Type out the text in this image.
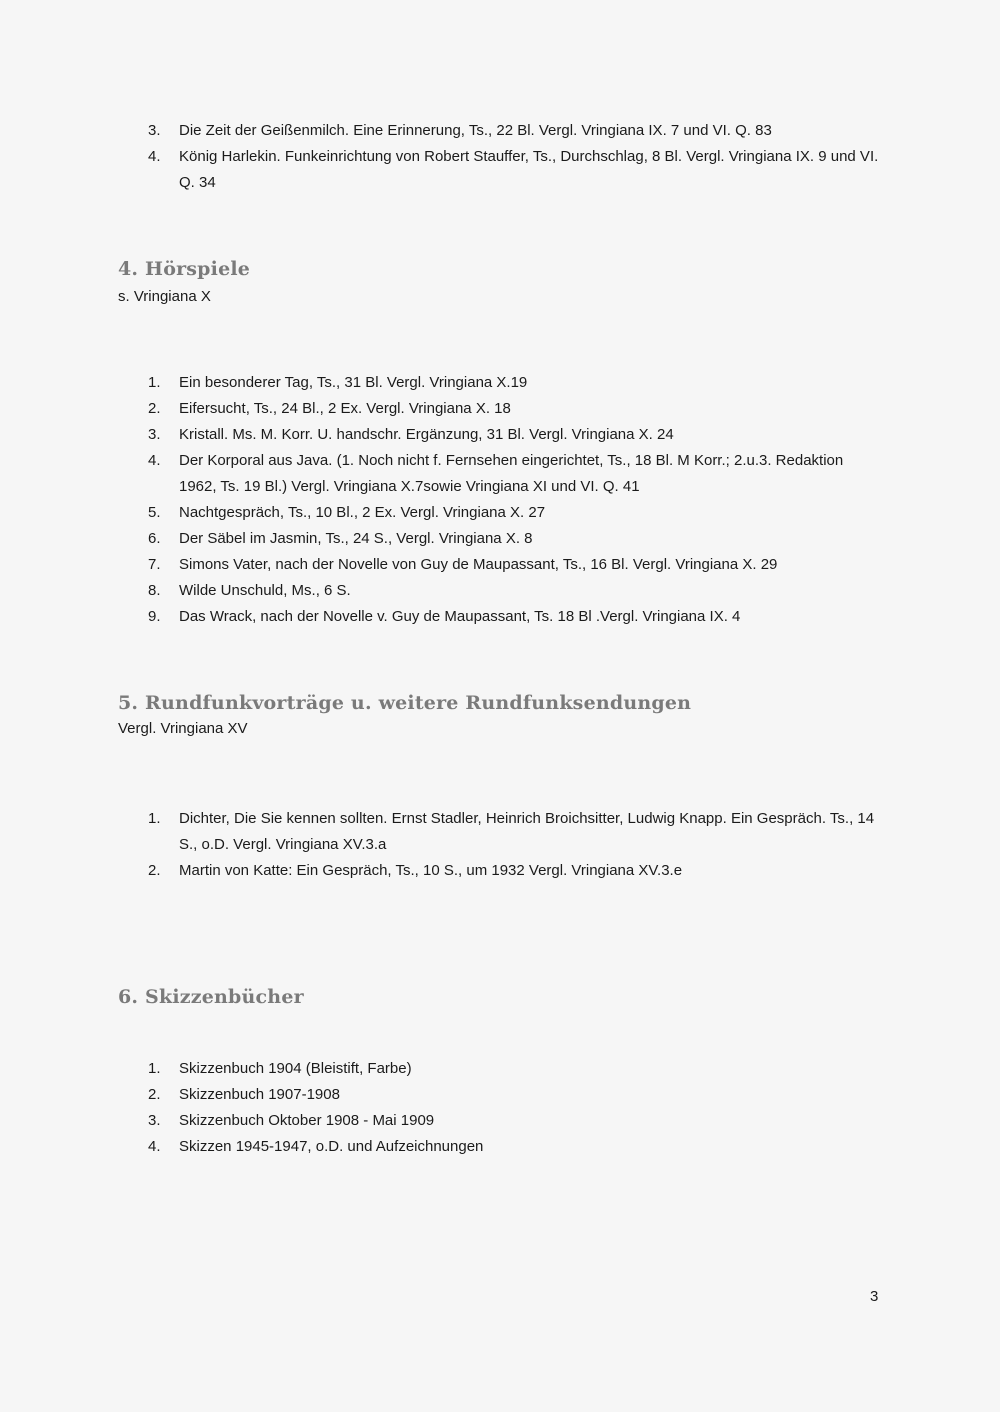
3.	Die Zeit der Geißenmilch. Eine Erinnerung, Ts., 22 Bl. Vergl. Vringiana IX. 7 und VI. Q. 83
4.	König Harlekin. Funkeinrichtung von Robert Stauffer, Ts., Durchschlag, 8 Bl. Vergl. Vringiana IX. 9 und VI. Q. 34
4. Hörspiele

s. Vringiana X

1.	Ein besonderer Tag, Ts., 31 Bl. Vergl. Vringiana X.19
2.	Eifersucht, Ts., 24 Bl., 2 Ex. Vergl. Vringiana X. 18
3.	Kristall. Ms. M. Korr. U. handschr. Ergänzung, 31 Bl. Vergl. Vringiana X. 24
4.	Der Korporal aus Java. (1. Noch nicht f. Fernsehen eingerichtet, Ts., 18 Bl. M Korr.; 2.u.3. Redaktion 1962, Ts. 19 Bl.) Vergl. Vringiana X.7sowie Vringiana XI und VI. Q. 41
5.	Nachtgespräch, Ts., 10 Bl., 2 Ex. Vergl. Vringiana X. 27
6.	Der Säbel im Jasmin, Ts., 24 S., Vergl. Vringiana X. 8
7.	Simons Vater, nach der Novelle von Guy de Maupassant, Ts., 16 Bl. Vergl. Vringiana X. 29
8.	Wilde Unschuld, Ms., 6 S.
9.	Das Wrack, nach der Novelle v. Guy de Maupassant, Ts. 18 Bl .Vergl. Vringiana IX. 4
5. Rundfunkvorträge u. weitere Rundfunksendungen

Vergl. Vringiana XV

1.	Dichter, Die Sie kennen sollten. Ernst Stadler, Heinrich Broichsitter, Ludwig Knapp. Ein Gespräch. Ts., 14 S., o.D. Vergl. Vringiana XV.3.a
2.	Martin von Katte: Ein Gespräch, Ts., 10 S., um 1932 Vergl. Vringiana XV.3.e
6. Skizzenbücher
1.	Skizzenbuch 1904 (Bleistift, Farbe)
2.	Skizzenbuch 1907-1908
3.	Skizzenbuch Oktober 1908 - Mai 1909
4.	Skizzen 1945-1947, o.D. und Aufzeichnungen
3
